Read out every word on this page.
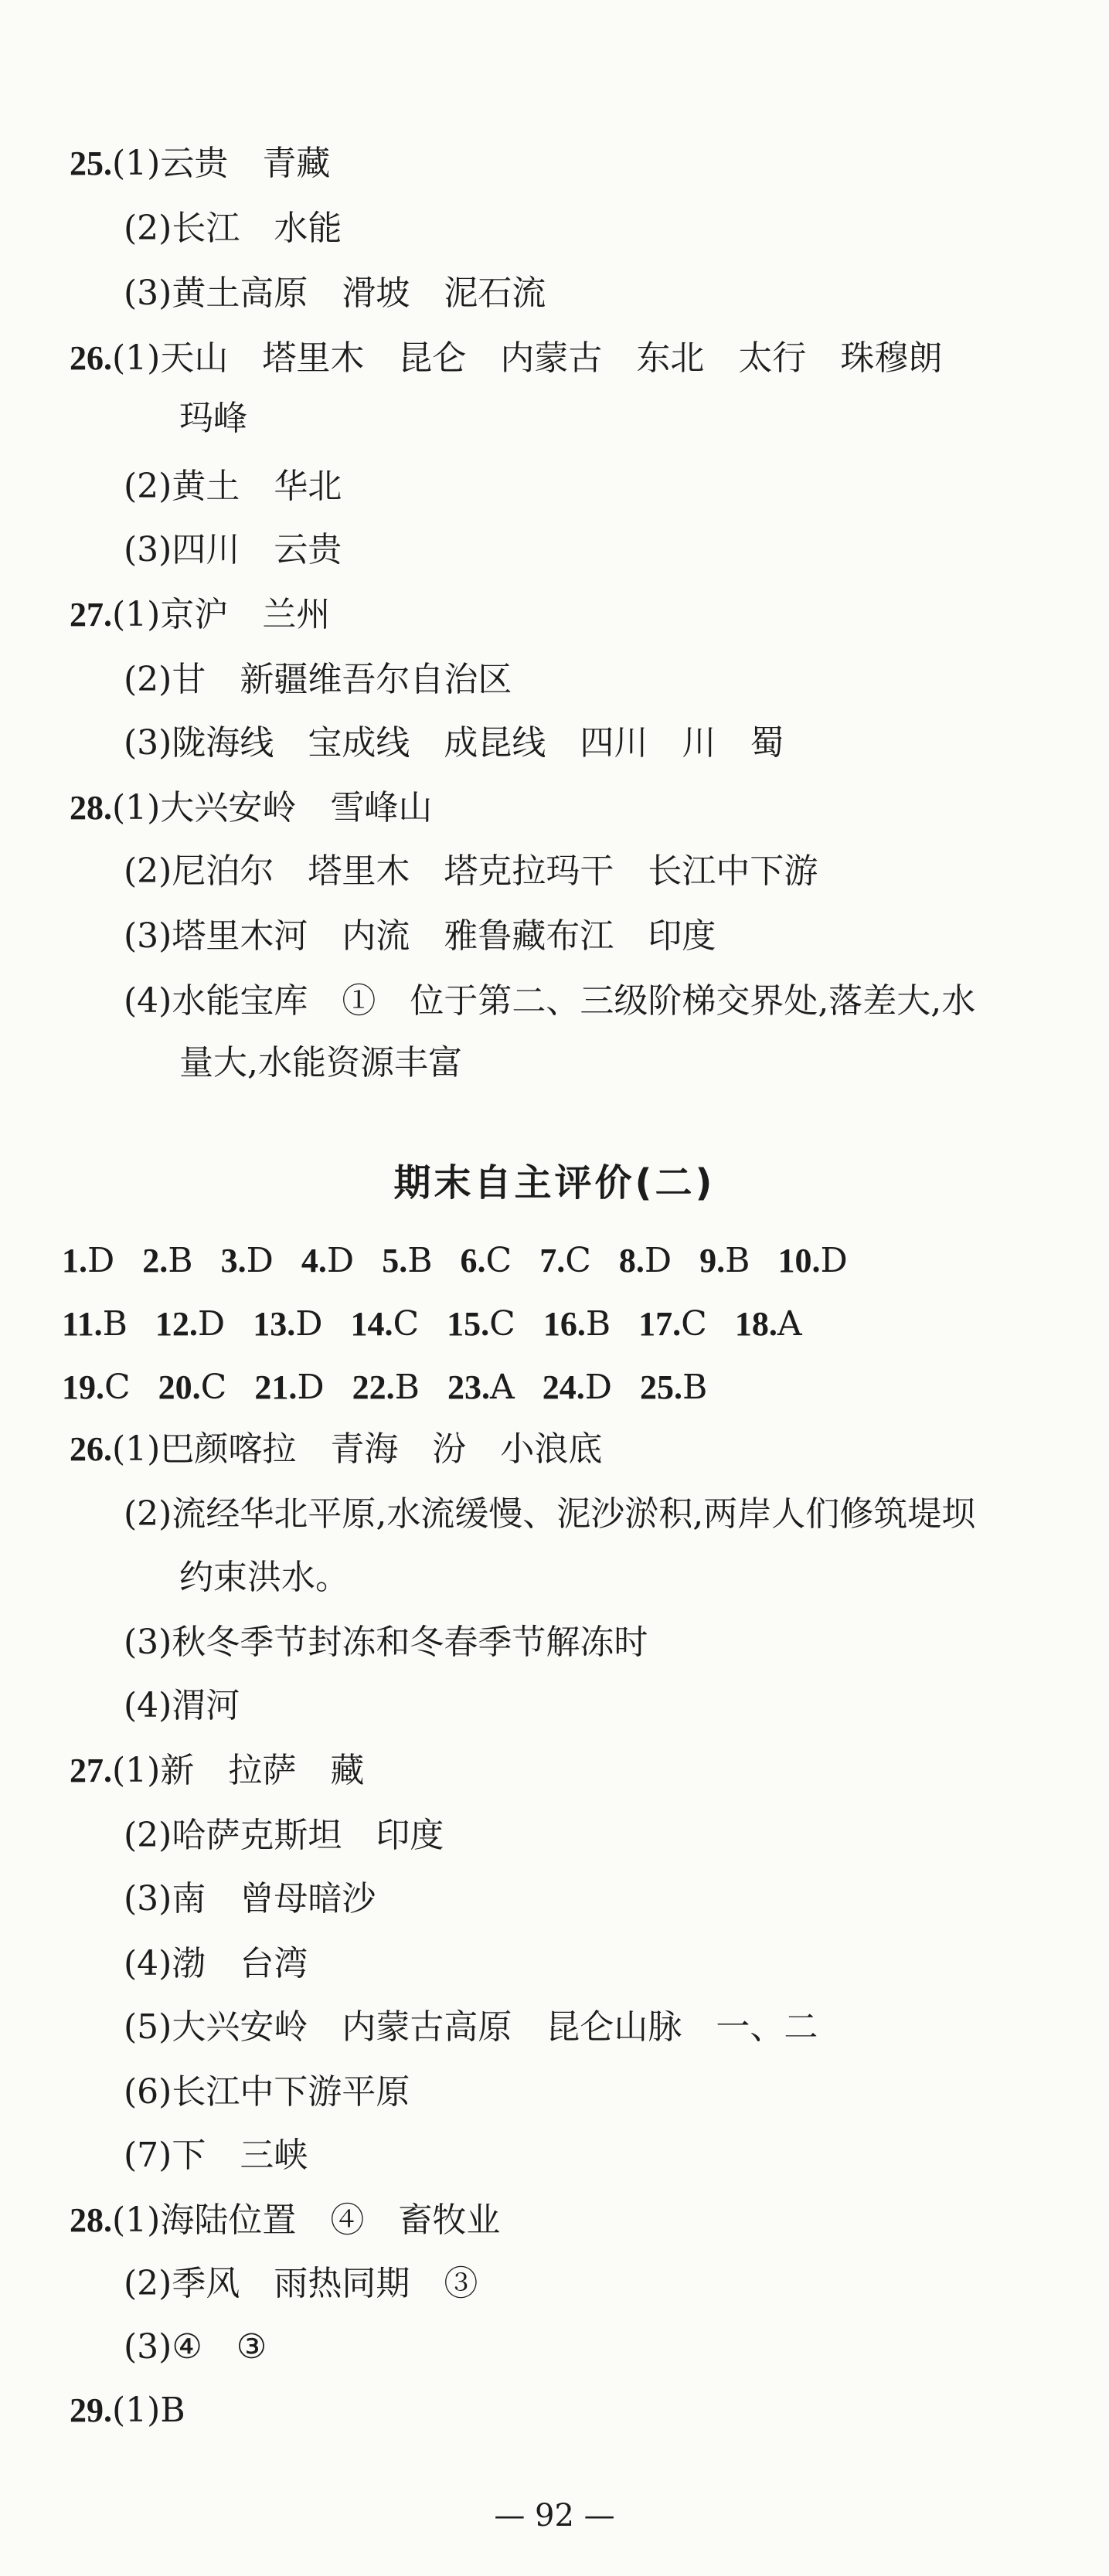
25.(1)云贵　青藏
(2)长江　水能
(3)黄土高原　滑坡　泥石流
26.(1)天山　塔里木　昆仑　内蒙古　东北　太行　珠穆朗
玛峰
(2)黄土　华北
(3)四川　云贵
27.(1)京沪　兰州
(2)甘　新疆维吾尔自治区
(3)陇海线　宝成线　成昆线　四川　川　蜀
28.(1)大兴安岭　雪峰山
(2)尼泊尔　塔里木　塔克拉玛干　长江中下游
(3)塔里木河　内流　雅鲁藏布江　印度
(4)水能宝库　①　位于第二、三级阶梯交界处,落差大,水
量大,水能资源丰富
期末自主评价(二)
1.D 2.B 3.D 4.D 5.B 6.C 7.C 8.D 9.B 10.D
11.B 12.D 13.D 14.C 15.C 16.B 17.C 18.A
19.C 20.C 21.D 22.B 23.A 24.D 25.B
26.(1)巴颜喀拉　青海　汾　小浪底
(2)流经华北平原,水流缓慢、泥沙淤积,两岸人们修筑堤坝
约束洪水。
(3)秋冬季节封冻和冬春季节解冻时
(4)渭河
27.(1)新　拉萨　藏
(2)哈萨克斯坦　印度
(3)南　曾母暗沙
(4)渤　台湾
(5)大兴安岭　内蒙古高原　昆仑山脉　一、二
(6)长江中下游平原
(7)下　三峡
28.(1)海陆位置　④　畜牧业
(2)季风　雨热同期　③
(3)④　③
29.(1)B
— 92 —
